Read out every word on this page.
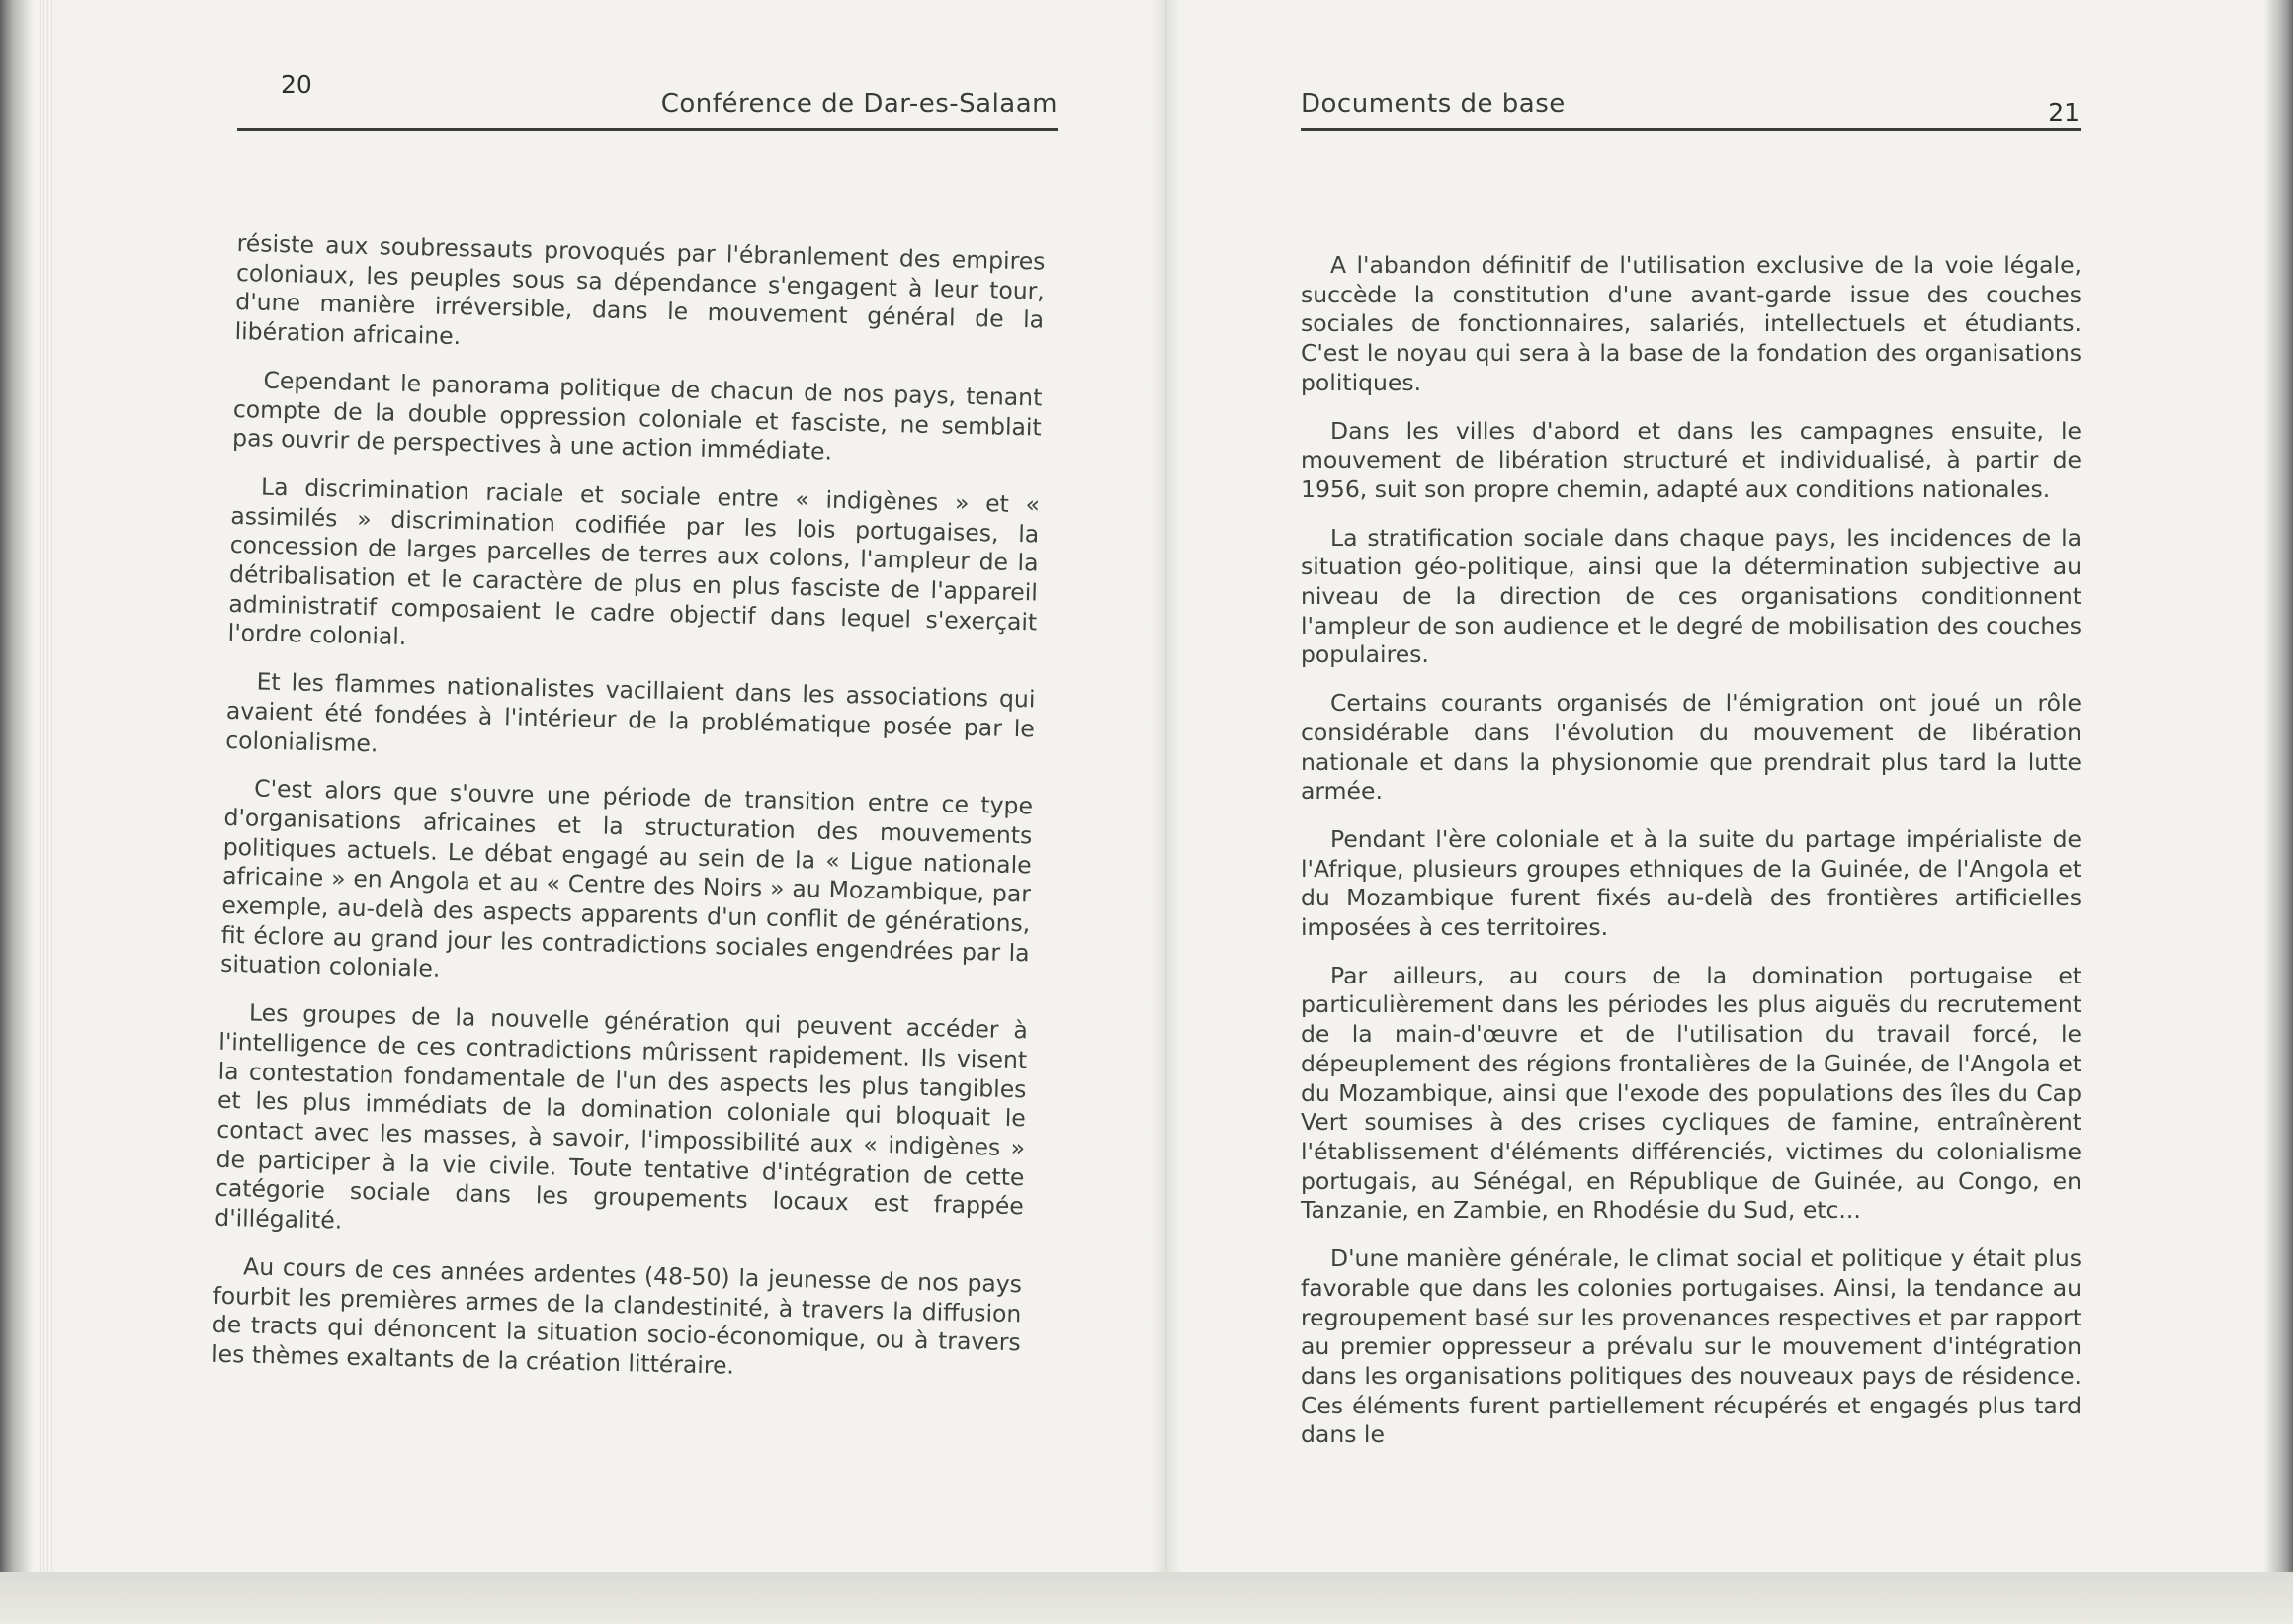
20
Conférence de Dar-es-Salaam

résiste aux soubressauts provoqués par l'ébranlement des empires coloniaux, les peuples sous sa dépendance s'engagent à leur tour, d'une manière irréversible, dans le mouvement général de la libération africaine.

Cependant le panorama politique de chacun de nos pays, tenant compte de la double oppression coloniale et fasciste, ne semblait pas ouvrir de perspectives à une action immédiate.

La discrimination raciale et sociale entre « indigènes » et « assimilés » discrimination codifiée par les lois portugaises, la concession de larges parcelles de terres aux colons, l'ampleur de la détribalisation et le caractère de plus en plus fasciste de l'appareil administratif composaient le cadre objectif dans lequel s'exerçait l'ordre colonial.

Et les flammes nationalistes vacillaient dans les associations qui avaient été fondées à l'intérieur de la problématique posée par le colonialisme.

C'est alors que s'ouvre une période de transition entre ce type d'organisations africaines et la structuration des mouvements politiques actuels. Le débat engagé au sein de la « Ligue nationale africaine » en Angola et au « Centre des Noirs » au Mozambique, par exemple, au-delà des aspects apparents d'un conflit de générations, fit éclore au grand jour les contradictions sociales engendrées par la situation coloniale.

Les groupes de la nouvelle génération qui peuvent accéder à l'intelligence de ces contradictions mûrissent rapidement. Ils visent la contestation fondamentale de l'un des aspects les plus tangibles et les plus immédiats de la domination coloniale qui bloquait le contact avec les masses, à savoir, l'impossibilité aux « indigènes » de participer à la vie civile. Toute tentative d'intégration de cette catégorie sociale dans les groupements locaux est frappée d'illégalité.

Au cours de ces années ardentes (48-50) la jeunesse de nos pays fourbit les premières armes de la clandestinité, à travers la diffusion de tracts qui dénoncent la situation socio-économique, ou à travers les thèmes exaltants de la création littéraire.

Documents de base	21

A l'abandon définitif de l'utilisation exclusive de la voie légale, succède la constitution d'une avant-garde issue des couches sociales de fonctionnaires, salariés, intellectuels et étudiants. C'est le noyau qui sera à la base de la fondation des organisations politiques.

Dans les villes d'abord et dans les campagnes ensuite, le mouvement de libération structuré et individualisé, à partir de 1956, suit son propre chemin, adapté aux conditions nationales.

La stratification sociale dans chaque pays, les incidences de la situation géo-politique, ainsi que la détermination subjective au niveau de la direction de ces organisations conditionnent l'ampleur de son audience et le degré de mobilisation des couches populaires.

Certains courants organisés de l'émigration ont joué un rôle considérable dans l'évolution du mouvement de libération nationale et dans la physionomie que prendrait plus tard la lutte armée.

Pendant l'ère coloniale et à la suite du partage impérialiste de l'Afrique, plusieurs groupes ethniques de la Guinée, de l'Angola et du Mozambique furent fixés au-delà des frontières artificielles imposées à ces territoires.

Par ailleurs, au cours de la domination portugaise et particulièrement dans les périodes les plus aiguës du recrutement de la main-d'œuvre et de l'utilisation du travail forcé, le dépeuplement des régions frontalières de la Guinée, de l'Angola et du Mozambique, ainsi que l'exode des populations des îles du Cap Vert soumises à des crises cycliques de famine, entraînèrent l'établissement d'éléments différenciés, victimes du colonialisme portugais, au Sénégal, en République de Guinée, au Congo, en Tanzanie, en Zambie, en Rhodésie du Sud, etc...

D'une manière générale, le climat social et politique y était plus favorable que dans les colonies portugaises. Ainsi, la tendance au regroupement basé sur les provenances respectives et par rapport au premier oppresseur a prévalu sur le mouvement d'intégration dans les organisations politiques des nouveaux pays de résidence. Ces éléments furent partiellement récupérés et engagés plus tard dans le
